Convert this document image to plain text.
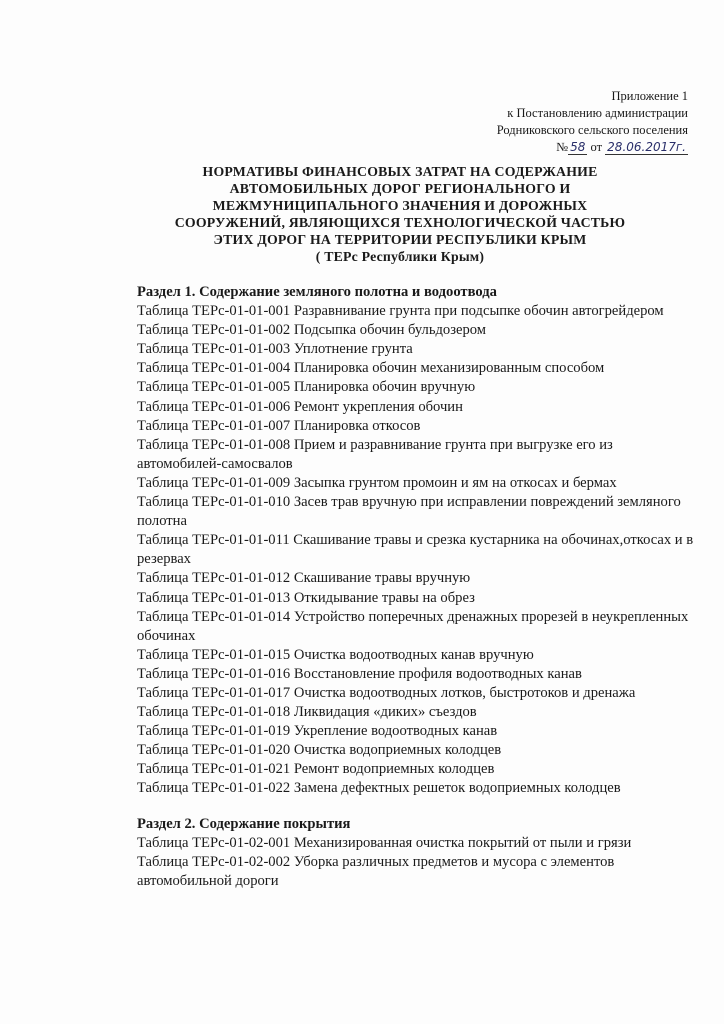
Приложение 1
к Постановлению администрации
Родниковского сельского поселения
№ 58 от 28.06.2017г.
НОРМАТИВЫ ФИНАНСОВЫХ ЗАТРАТ НА СОДЕРЖАНИЕ
АВТОМОБИЛЬНЫХ ДОРОГ РЕГИОНАЛЬНОГО И
МЕЖМУНИЦИПАЛЬНОГО ЗНАЧЕНИЯ И ДОРОЖНЫХ
СООРУЖЕНИЙ, ЯВЛЯЮЩИХСЯ ТЕХНОЛОГИЧЕСКОЙ ЧАСТЬЮ
ЭТИХ ДОРОГ НА ТЕРРИТОРИИ РЕСПУБЛИКИ КРЫМ
( ТЕРс Республики Крым)
Раздел 1. Содержание земляного полотна и водоотвода

Таблица ТЕРс-01-01-001 Разравнивание грунта при подсыпке обочин автогрейдером

Таблица ТЕРс-01-01-002 Подсыпка обочин бульдозером

Таблица ТЕРс-01-01-003 Уплотнение грунта

Таблица ТЕРс-01-01-004 Планировка обочин механизированным способом

Таблица ТЕРс-01-01-005 Планировка обочин вручную

Таблица ТЕРс-01-01-006 Ремонт укрепления обочин

Таблица ТЕРс-01-01-007 Планировка откосов

Таблица ТЕРс-01-01-008 Прием и разравнивание грунта при выгрузке его из автомобилей-самосвалов

Таблица ТЕРс-01-01-009 Засыпка грунтом промоин и ям на откосах и бермах

Таблица ТЕРс-01-01-010 Засев трав вручную при исправлении повреждений земляного полотна

Таблица ТЕРс-01-01-011 Скашивание травы и срезка кустарника на обочинах,откосах и в резервах

Таблица ТЕРс-01-01-012 Скашивание травы вручную

Таблица ТЕРс-01-01-013 Откидывание травы на обрез

Таблица ТЕРс-01-01-014 Устройство поперечных дренажных прорезей в неукрепленных обочинах

Таблица ТЕРс-01-01-015 Очистка водоотводных канав вручную

Таблица ТЕРс-01-01-016 Восстановление профиля водоотводных канав

Таблица ТЕРс-01-01-017 Очистка водоотводных лотков, быстротоков и дренажа

Таблица ТЕРс-01-01-018 Ликвидация «диких» съездов

Таблица ТЕРс-01-01-019 Укрепление водоотводных канав

Таблица ТЕРс-01-01-020 Очистка водоприемных колодцев

Таблица ТЕРс-01-01-021 Ремонт водоприемных колодцев

Таблица ТЕРс-01-01-022 Замена дефектных решеток водоприемных колодцев

Раздел 2. Содержание покрытия

Таблица ТЕРс-01-02-001 Механизированная очистка покрытий от пыли и грязи

Таблица ТЕРс-01-02-002 Уборка различных предметов и мусора с элементов автомобильной дороги
